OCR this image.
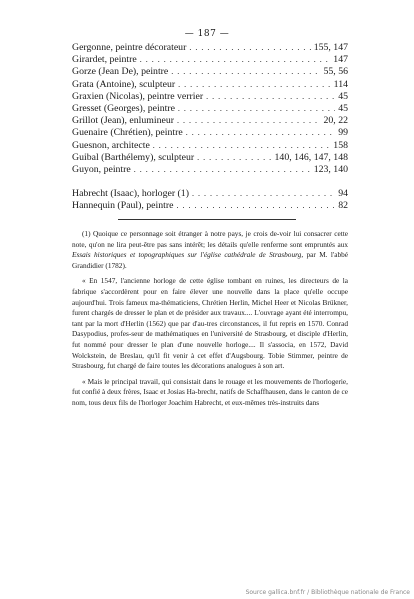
— 187 —
Gergonne, peintre décorateur . . .	155, 147
Girardet, peintre . . .	147
Gorze (Jean De), peintre . . .	55, 56
Grata (Antoine), sculpteur . . .	114
Graxien (Nicolas), peintre verrier . . .	45
Gresset (Georges), peintre . . .	45
Grillot (Jean), enlumineur . . .	20, 22
Guenaire (Chrétien), peintre . . .	99
Guesnon, architecte . . .	158
Guibal (Barthélemy), sculpteur . . .	140, 146, 147, 148
Guyon, peintre . . .	123, 140
Habrecht (Isaac), horloger (1) . . .	94
Hannequin (Paul), peintre . . .	82

(1) Quoique ce personnage soit étranger à notre pays, je crois de-voir lui consacrer cette note, qu'on ne lira peut-être pas sans intérêt; les détails qu'elle renferme sont empruntés aux Essais historiques et topographiques sur l'église cathédrale de Strasbourg, par M. l'abbé Grandidier (1782).

« En 1547, l'ancienne horloge de cette église tombant en ruines, les directeurs de la fabrique s'accordèrent pour en faire élever une nouvelle dans la place qu'elle occupe aujourd'hui. Trois fameux ma-thématiciens, Chrétien Herlin, Michel Heer et Nicolas Brükner, furent chargés de dresser le plan et de présider aux travaux.... L'ouvrage ayant été interrompu, tant par la mort d'Herlin (1562) que par d'au-tres circonstances, il fut repris en 1570. Conrad Dasypodius, profes-seur de mathématiques en l'université de Strasbourg, et disciple d'Herlin, fut nommé pour dresser le plan d'une nouvelle horloge.... Il s'associa, en 1572, David Wolckstein, de Breslau, qu'il fit venir à cet effet d'Augsbourg. Tobie Stimmer, peintre de Strasbourg, fut chargé de faire toutes les décorations analogues à son art.

« Mais le principal travail, qui consistait dans le rouage et les mouvements de l'horlogerie, fut confié à deux frères, Isaac et Josias Ha-brecht, natifs de Schaffhausen, dans le canton de ce nom, tous deux fils de l'horloger Joachim Habrecht, et eux-mêmes très-instruits dans

Source gallica.bnf.fr / Bibliothèque nationale de France
